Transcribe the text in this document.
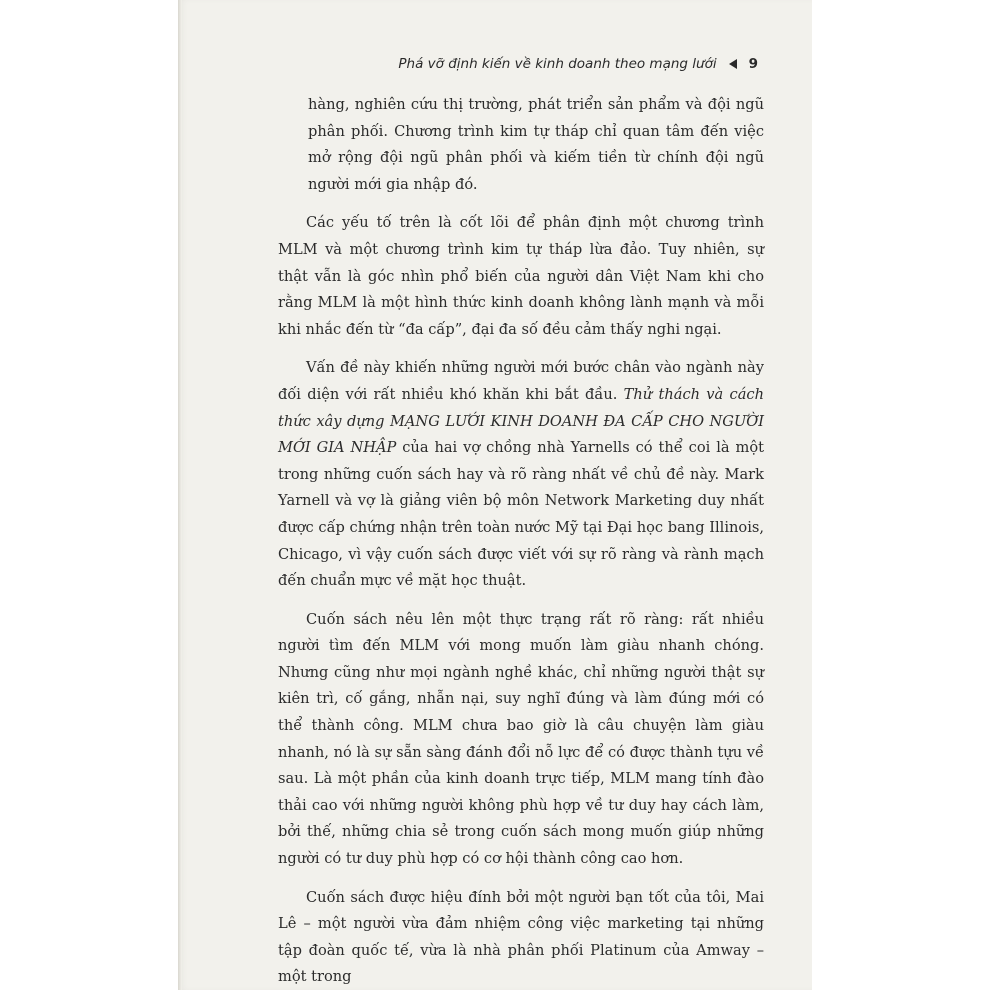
Phá vỡ định kiến về kinh doanh theo mạng lưới 9

hàng, nghiên cứu thị trường, phát triển sản phẩm và đội ngũ phân phối. Chương trình kim tự tháp chỉ quan tâm đến việc mở rộng đội ngũ phân phối và kiếm tiền từ chính đội ngũ người mới gia nhập đó.

Các yếu tố trên là cốt lõi để phân định một chương trình MLM và một chương trình kim tự tháp lừa đảo. Tuy nhiên, sự thật vẫn là góc nhìn phổ biến của người dân Việt Nam khi cho rằng MLM là một hình thức kinh doanh không lành mạnh và mỗi khi nhắc đến từ “đa cấp”, đại đa số đều cảm thấy nghi ngại.

Vấn đề này khiến những người mới bước chân vào ngành này đối diện với rất nhiều khó khăn khi bắt đầu. Thử thách và cách thức xây dựng MẠNG LƯỚI KINH DOANH ĐA CẤP CHO NGƯỜI MỚI GIA NHẬP của hai vợ chồng nhà Yarnells có thể coi là một trong những cuốn sách hay và rõ ràng nhất về chủ đề này. Mark Yarnell và vợ là giảng viên bộ môn Network Marketing duy nhất được cấp chứng nhận trên toàn nước Mỹ tại Đại học bang Illinois, Chicago, vì vậy cuốn sách được viết với sự rõ ràng và rành mạch đến chuẩn mực về mặt học thuật.

Cuốn sách nêu lên một thực trạng rất rõ ràng: rất nhiều người tìm đến MLM với mong muốn làm giàu nhanh chóng. Nhưng cũng như mọi ngành nghề khác, chỉ những người thật sự kiên trì, cố gắng, nhẫn nại, suy nghĩ đúng và làm đúng mới có thể thành công. MLM chưa bao giờ là câu chuyện làm giàu nhanh, nó là sự sẵn sàng đánh đổi nỗ lực để có được thành tựu về sau. Là một phần của kinh doanh trực tiếp, MLM mang tính đào thải cao với những người không phù hợp về tư duy hay cách làm, bởi thế, những chia sẻ trong cuốn sách mong muốn giúp những người có tư duy phù hợp có cơ hội thành công cao hơn.

Cuốn sách được hiệu đính bởi một người bạn tốt của tôi, Mai Lê – một người vừa đảm nhiệm công việc marketing tại những tập đoàn quốc tế, vừa là nhà phân phối Platinum của Amway – một trong
